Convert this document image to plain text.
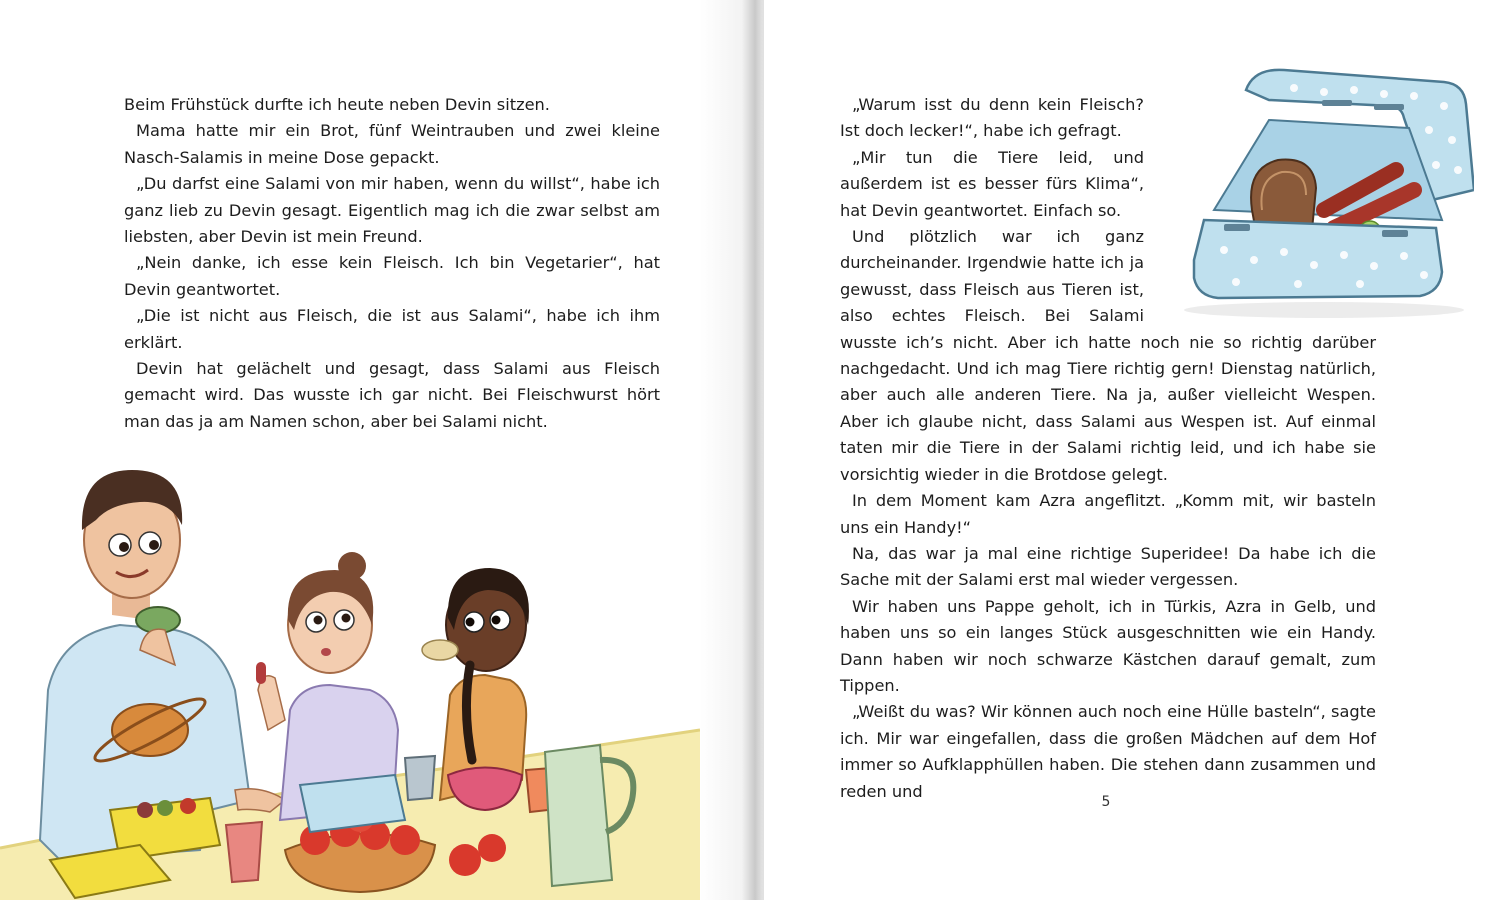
Beim Frühstück durfte ich heute neben Devin sitzen.

Mama hatte mir ein Brot, fünf Weintrauben und zwei kleine Nasch-Salamis in meine Dose gepackt.

„Du darfst eine Salami von mir haben, wenn du willst“, habe ich ganz lieb zu Devin gesagt. Eigentlich mag ich die zwar selbst am liebsten, aber Devin ist mein Freund.

„Nein danke, ich esse kein Fleisch. Ich bin Vegetarier“, hat Devin geantwortet.

„Die ist nicht aus Fleisch, die ist aus Salami“, habe ich ihm erklärt.

Devin hat gelächelt und gesagt, dass Salami aus Fleisch gemacht wird. Das wusste ich gar nicht. Bei Fleischwurst hört man das ja am Namen schon, aber bei Salami nicht.

„Warum isst du denn kein Fleisch? Ist doch lecker!“, habe ich gefragt.

„Mir tun die Tiere leid, und außerdem ist es besser fürs Klima“, hat Devin geantwortet. Einfach so.

Und plötzlich war ich ganz durcheinander. Irgendwie hatte ich ja gewusst, dass Fleisch aus Tieren ist, also echtes Fleisch. Bei Salami wusste ich’s nicht. Aber ich hatte noch nie so richtig darüber nachgedacht. Und ich mag Tiere richtig gern! Dienstag natürlich, aber auch alle anderen Tiere. Na ja, außer vielleicht Wespen. Aber ich glaube nicht, dass Salami aus Wespen ist. Auf einmal taten mir die Tiere in der Salami richtig leid, und ich habe sie vorsichtig wieder in die Brotdose gelegt.

In dem Moment kam Azra angeflitzt. „Komm mit, wir basteln uns ein Handy!“

Na, das war ja mal eine richtige Superidee! Da habe ich die Sache mit der Salami erst mal wieder vergessen.

Wir haben uns Pappe geholt, ich in Türkis, Azra in Gelb, und haben uns so ein langes Stück ausgeschnitten wie ein Handy. Dann haben wir noch schwarze Kästchen darauf gemalt, zum Tippen.

„Weißt du was? Wir können auch noch eine Hülle basteln“, sagte ich. Mir war eingefallen, dass die großen Mädchen auf dem Hof immer so Aufklapphüllen haben. Die stehen dann zusammen und reden und

5
